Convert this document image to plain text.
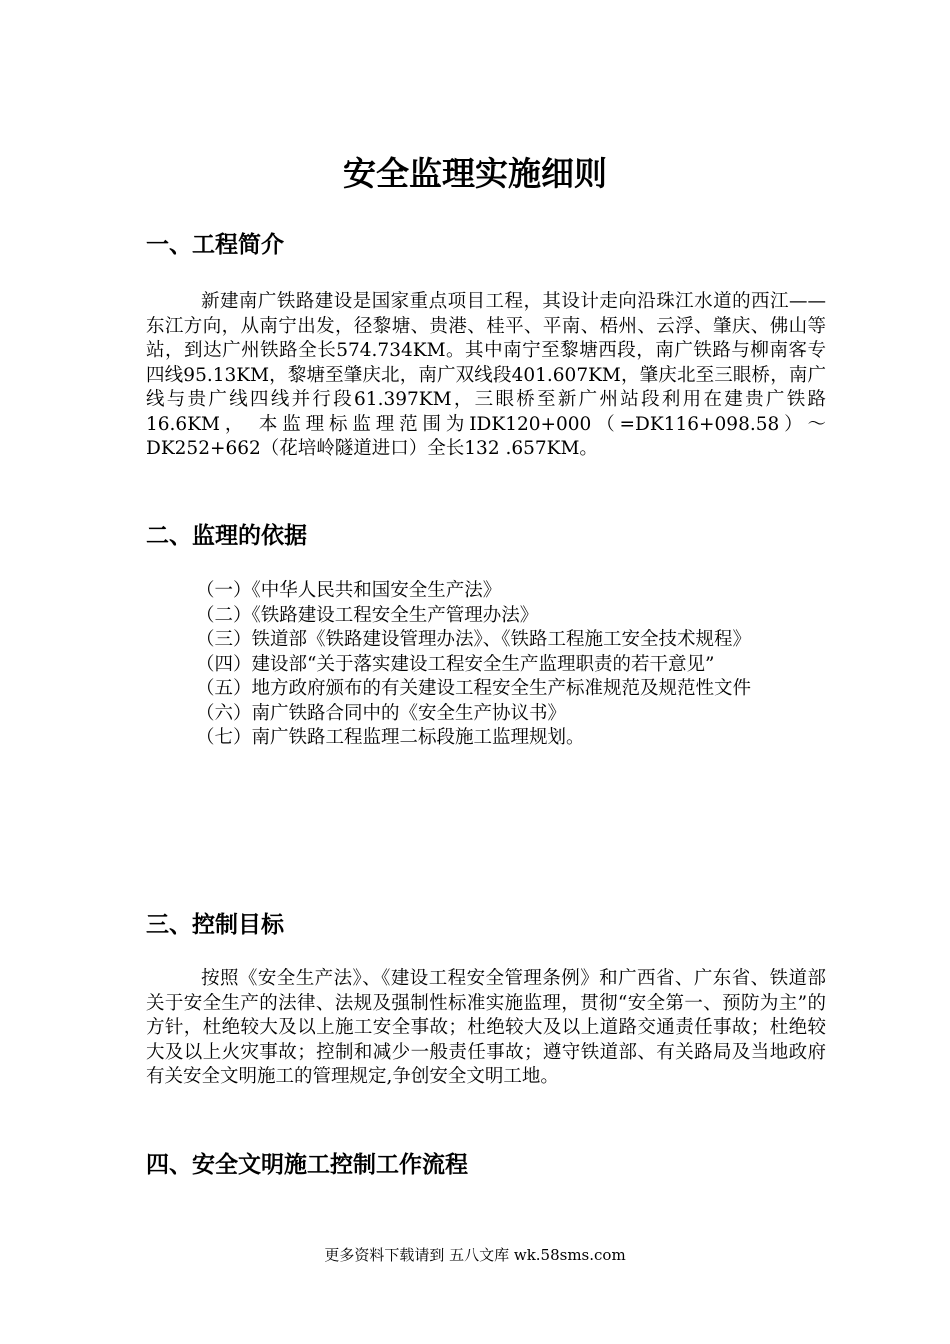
安全监理实施细则
一、工程简介

新建南广铁路建设是国家重点项目工程，其设计走向沿珠江水道的西江——东江方向，从南宁出发，径黎塘、贵港、桂平、平南、梧州、云浮、肇庆、佛山等站，到达广州铁路全长574.734KM。其中南宁至黎塘西段，南广铁路与柳南客专四线95.13KM，黎塘至肇庆北，南广双线段401.607KM，肇庆北至三眼桥，南广线与贵广线四线并行段61.397KM，三眼桥至新广州站段利用在建贵广铁路16.6KM， 本监理标监理范围为IDK120+000（=DK116+098.58）～DK252+662（花培岭隧道进口）全长132 .657KM。

二、监理的依据
（一）《中华人民共和国安全生产法》
（二）《铁路建设工程安全生产管理办法》
（三）铁道部《铁路建设管理办法》、《铁路工程施工安全技术规程》
（四）建设部“关于落实建设工程安全生产监理职责的若干意见”
（五）地方政府颁布的有关建设工程安全生产标准规范及规范性文件
（六）南广铁路合同中的《安全生产协议书》
（七）南广铁路工程监理二标段施工监理规划。
三、控制目标

按照《安全生产法》、《建设工程安全管理条例》和广西省、广东省、铁道部关于安全生产的法律、法规及强制性标准实施监理，贯彻“安全第一、预防为主”的方针，杜绝较大及以上施工安全事故；杜绝较大及以上道路交通责任事故；杜绝较大及以上火灾事故；控制和减少一般责任事故；遵守铁道部、有关路局及当地政府有关安全文明施工的管理规定,争创安全文明工地。

四、安全文明施工控制工作流程
更多资料下载请到 五八文库 wk.58sms.com
